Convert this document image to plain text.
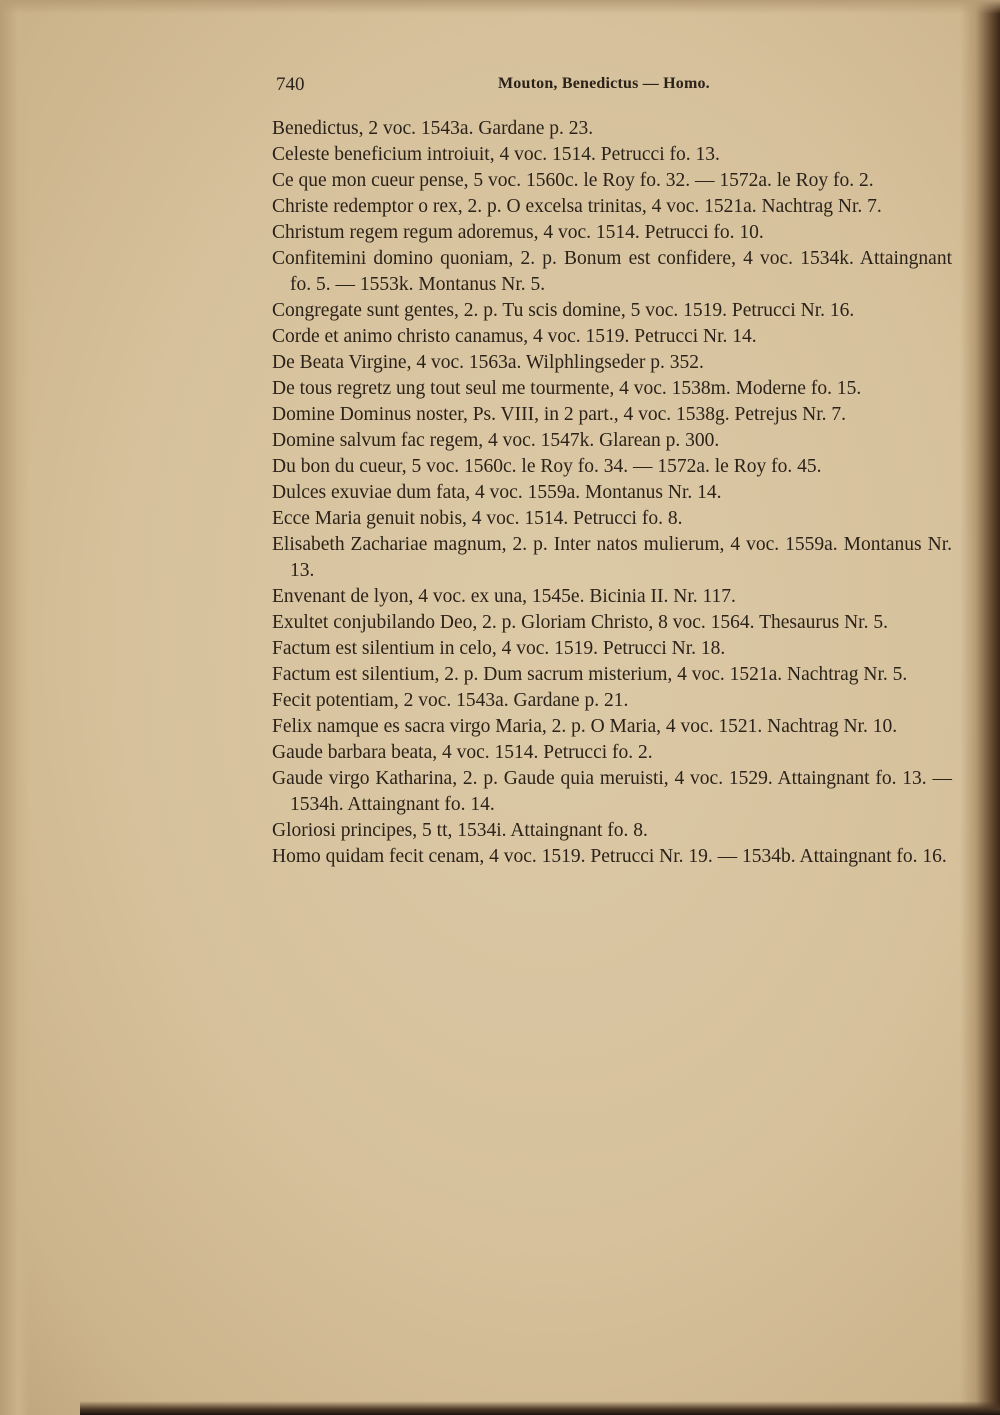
740	Mouton, Benedictus — Homo.
Benedictus, 2 voc. 1543a. Gardane p. 23.
Celeste beneficium introiuit, 4 voc. 1514. Petrucci fo. 13.
Ce que mon cueur pense, 5 voc. 1560c. le Roy fo. 32. — 1572a. le Roy fo. 2.
Christe redemptor o rex, 2. p. O excelsa trinitas, 4 voc. 1521a. Nachtrag Nr. 7.
Christum regem regum adoremus, 4 voc. 1514. Petrucci fo. 10.
Confitemini domino quoniam, 2. p. Bonum est confidere, 4 voc. 1534k. Attaingnant fo. 5. — 1553k. Montanus Nr. 5.
Congregate sunt gentes, 2. p. Tu scis domine, 5 voc. 1519. Petrucci Nr. 16.
Corde et animo christo canamus, 4 voc. 1519. Petrucci Nr. 14.
De Beata Virgine, 4 voc. 1563a. Wilphlingseder p. 352.
De tous regretz ung tout seul me tourmente, 4 voc. 1538m. Moderne fo. 15.
Domine Dominus noster, Ps. VIII, in 2 part., 4 voc. 1538g. Petrejus Nr. 7.
Domine salvum fac regem, 4 voc. 1547k. Glarean p. 300.
Du bon du cueur, 5 voc. 1560c. le Roy fo. 34. — 1572a. le Roy fo. 45.
Dulces exuviae dum fata, 4 voc. 1559a. Montanus Nr. 14.
Ecce Maria genuit nobis, 4 voc. 1514. Petrucci fo. 8.
Elisabeth Zachariae magnum, 2. p. Inter natos mulierum, 4 voc. 1559a. Montanus Nr. 13.
Envenant de lyon, 4 voc. ex una, 1545e. Bicinia II. Nr. 117.
Exultet conjubilando Deo, 2. p. Gloriam Christo, 8 voc. 1564. Thesaurus Nr. 5.
Factum est silentium in celo, 4 voc. 1519. Petrucci Nr. 18.
Factum est silentium, 2. p. Dum sacrum misterium, 4 voc. 1521a. Nachtrag Nr. 5.
Fecit potentiam, 2 voc. 1543a. Gardane p. 21.
Felix namque es sacra virgo Maria, 2. p. O Maria, 4 voc. 1521. Nachtrag Nr. 10.
Gaude barbara beata, 4 voc. 1514. Petrucci fo. 2.
Gaude virgo Katharina, 2. p. Gaude quia meruisti, 4 voc. 1529. Attaingnant fo. 13. — 1534h. Attaingnant fo. 14.
Gloriosi principes, 5 tt, 1534i. Attaingnant fo. 8.
Homo quidam fecit cenam, 4 voc. 1519. Petrucci Nr. 19. — 1534b. Attaingnant fo. 16.
